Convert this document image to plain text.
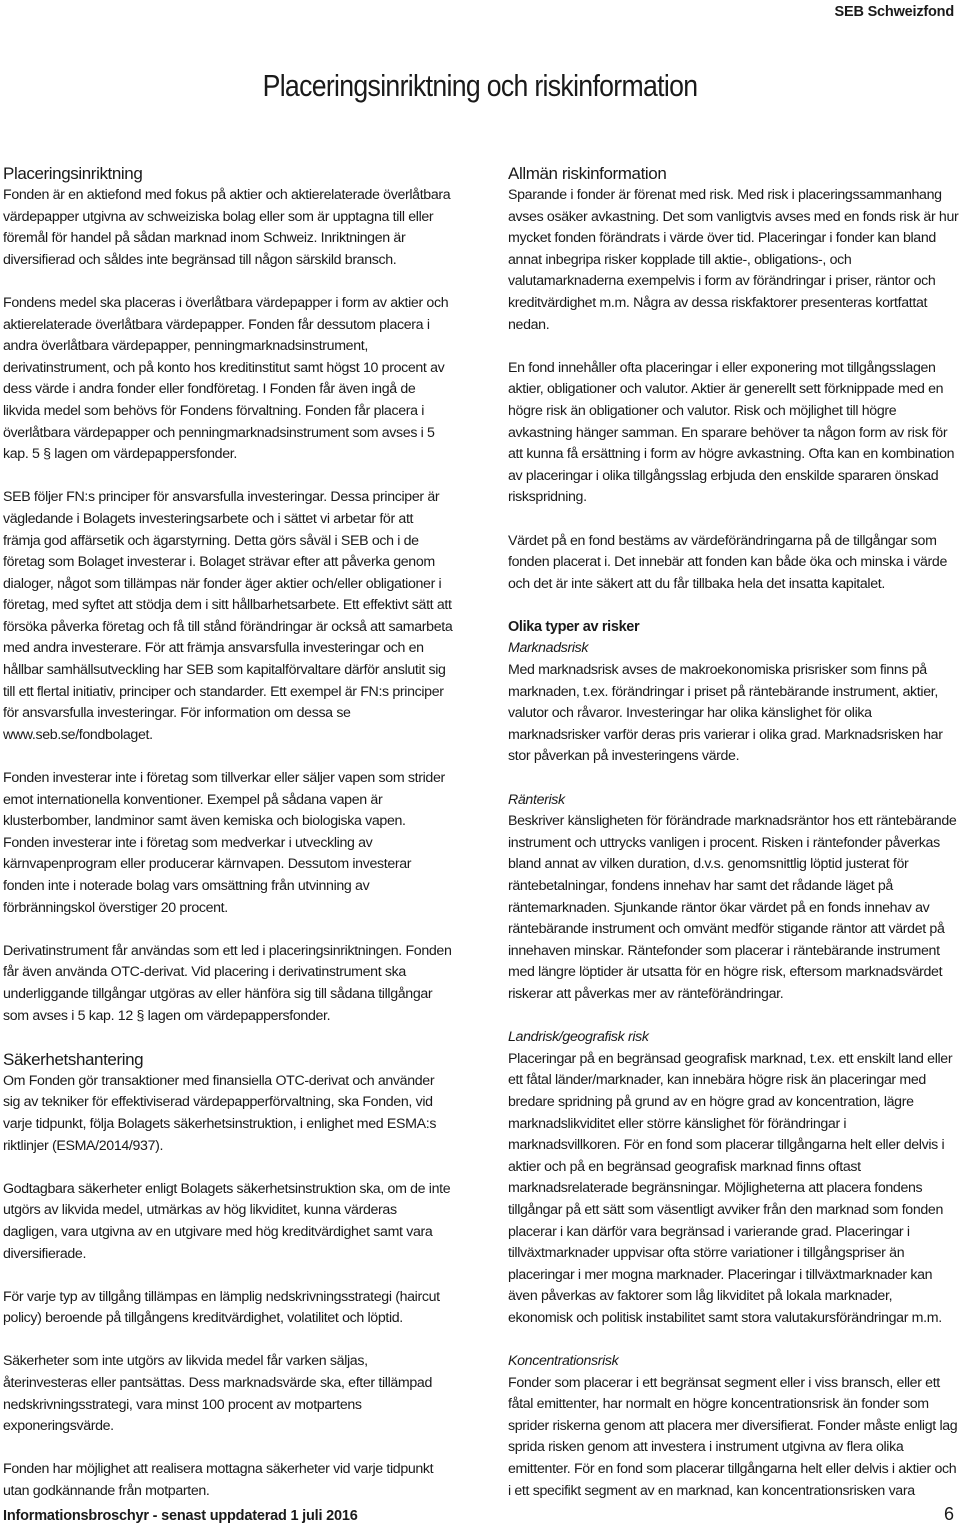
SEB Schweizfond
Placeringsinriktning och riskinformation
Placeringsinriktning

Fonden är en aktiefond med fokus på aktier och aktierelaterade överlåtbara värdepapper utgivna av schweiziska bolag eller som är upptagna till eller föremål för handel på sådan marknad inom Schweiz. Inriktningen är diversifierad och såldes inte begränsad till någon särskild bransch.

Fondens medel ska placeras i överlåtbara värdepapper i form av aktier och aktierelaterade överlåtbara värdepapper. Fonden får dessutom placera i andra överlåtbara värdepapper, penningmarknadsinstrument, derivatinstrument, och på konto hos kreditinstitut samt högst 10 procent av dess värde i andra fonder eller fondföretag. I Fonden får även ingå de likvida medel som behövs för Fondens förvaltning. Fonden får placera i överlåtbara värdepapper och penningmarknadsinstrument som avses i 5 kap. 5 § lagen om värdepappersfonder.

SEB följer FN:s principer för ansvarsfulla investeringar. Dessa principer är vägledande i Bolagets investeringsarbete och i sättet vi arbetar för att främja god affärsetik och ägarstyrning. Detta görs såväl i SEB och i de företag som Bolaget investerar i. Bolaget strävar efter att påverka genom dialoger, något som tillämpas när fonder äger aktier och/eller obligationer i företag, med syftet att stödja dem i sitt hållbarhetsarbete. Ett effektivt sätt att försöka påverka företag och få till stånd förändringar är också att samarbeta med andra investerare. För att främja ansvarsfulla investeringar och en hållbar samhällsutveckling har SEB som kapitalförvaltare därför anslutit sig till ett flertal initiativ, principer och standarder. Ett exempel är FN:s principer för ansvarsfulla investeringar. För information om dessa se www.seb.se/fondbolaget.

Fonden investerar inte i företag som tillverkar eller säljer vapen som strider emot internationella konventioner. Exempel på sådana vapen är klusterbomber, landminor samt även kemiska och biologiska vapen. Fonden investerar inte i företag som medverkar i utveckling av kärnvapenprogram eller producerar kärnvapen. Dessutom investerar fonden inte i noterade bolag vars omsättning från utvinning av förbränningskol överstiger 20 procent.

Derivatinstrument får användas som ett led i placeringsinriktningen. Fonden får även använda OTC-derivat. Vid placering i derivatinstrument ska underliggande tillgångar utgöras av eller hänföra sig till sådana tillgångar som avses i 5 kap. 12 § lagen om värdepappersfonder.

Säkerhetshantering

Om Fonden gör transaktioner med finansiella OTC-derivat och använder sig av tekniker för effektiviserad värdepapperförvaltning, ska Fonden, vid varje tidpunkt, följa Bolagets säkerhetsinstruktion, i enlighet med ESMA:s riktlinjer (ESMA/2014/937).

Godtagbara säkerheter enligt Bolagets säkerhetsinstruktion ska, om de inte utgörs av likvida medel, utmärkas av hög likviditet, kunna värderas dagligen, vara utgivna av en utgivare med hög kreditvärdighet samt vara diversifierade.

För varje typ av tillgång tillämpas en lämplig nedskrivningsstrategi (haircut policy) beroende på tillgångens kreditvärdighet, volatilitet och löptid.

Säkerheter som inte utgörs av likvida medel får varken säljas, återinvesteras eller pantsättas. Dess marknadsvärde ska, efter tillämpad nedskrivningsstrategi, vara minst 100 procent av motpartens exponeringsvärde.

Fonden har möjlighet att realisera mottagna säkerheter vid varje tidpunkt utan godkännande från motparten.

Allmän riskinformation

Sparande i fonder är förenat med risk. Med risk i placeringssammanhang avses osäker avkastning. Det som vanligtvis avses med en fonds risk är hur mycket fonden förändrats i värde över tid. Placeringar i fonder kan bland annat inbegripa risker kopplade till aktie-, obligations-, och valutamarknaderna exempelvis i form av förändringar i priser, räntor och kreditvärdighet m.m. Några av dessa riskfaktorer presenteras kortfattat nedan.

En fond innehåller ofta placeringar i eller exponering mot tillgångsslagen aktier, obligationer och valutor. Aktier är generellt sett förknippade med en högre risk än obligationer och valutor. Risk och möjlighet till högre avkastning hänger samman. En sparare behöver ta någon form av risk för att kunna få ersättning i form av högre avkastning. Ofta kan en kombination av placeringar i olika tillgångsslag erbjuda den enskilde spararen önskad riskspridning.

Värdet på en fond bestäms av värdeförändringarna på de tillgångar som fonden placerat i. Det innebär att fonden kan både öka och minska i värde och det är inte säkert att du får tillbaka hela det insatta kapitalet.

Olika typer av risker
Marknadsrisk

Med marknadsrisk avses de makroekonomiska prisrisker som finns på marknaden, t.ex. förändringar i priset på räntebärande instrument, aktier, valutor och råvaror. Investeringar har olika känslighet för olika marknadsrisker varför deras pris varierar i olika grad. Marknadsrisken har stor påverkan på investeringens värde.

Ränterisk

Beskriver känsligheten för förändrade marknadsräntor hos ett räntebärande instrument och uttrycks vanligen i procent. Risken i räntefonder påverkas bland annat av vilken duration, d.v.s. genomsnittlig löptid justerat för räntebetalningar, fondens innehav har samt det rådande läget på räntemarknaden. Sjunkande räntor ökar värdet på en fonds innehav av räntebärande instrument och omvänt medför stigande räntor att värdet på innehaven minskar. Räntefonder som placerar i räntebärande instrument med längre löptider är utsatta för en högre risk, eftersom marknadsvärdet riskerar att påverkas mer av ränteförändringar.

Landrisk/geografisk risk

Placeringar på en begränsad geografisk marknad, t.ex. ett enskilt land eller ett fåtal länder/marknader, kan innebära högre risk än placeringar med bredare spridning på grund av en högre grad av koncentration, lägre marknadslikviditet eller större känslighet för förändringar i marknadsvillkoren. För en fond som placerar tillgångarna helt eller delvis i aktier och på en begränsad geografisk marknad finns oftast marknadsrelaterade begränsningar. Möjligheterna att placera fondens tillgångar på ett sätt som väsentligt avviker från den marknad som fonden placerar i kan därför vara begränsad i varierande grad. Placeringar i tillväxtmarknader uppvisar ofta större variationer i tillgångspriser än placeringar i mer mogna marknader. Placeringar i tillväxtmarknader kan även påverkas av faktorer som låg likviditet på lokala marknader, ekonomisk och politisk instabilitet samt stora valutakursförändringar m.m.

Koncentrationsrisk

Fonder som placerar i ett begränsat segment eller i viss bransch, eller ett fåtal emittenter, har normalt en högre koncentrationsrisk än fonder som sprider riskerna genom att placera mer diversifierat. Fonder måste enligt lag sprida risken genom att investera i instrument utgivna av flera olika emittenter. För en fond som placerar tillgångarna helt eller delvis i aktier och i ett specifikt segment av en marknad, kan koncentrationsrisken vara

Informationsbroschyr - senast uppdaterad 1 juli 2016	6
